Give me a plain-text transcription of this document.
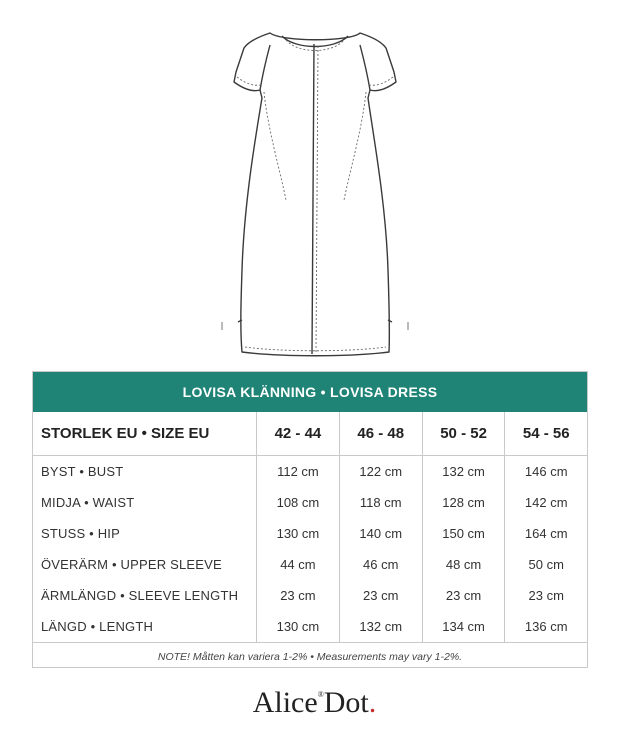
LOVISA KLÄNNING • LOVISA DRESS
STORLEK EU • SIZE EU	42 - 44	46 - 48	50 - 52	54 - 56
BYST • BUST	112 cm	122 cm	132 cm	146 cm
MIDJA • WAIST	108 cm	118 cm	128 cm	142 cm
STUSS • HIP	130 cm	140 cm	150 cm	164 cm
ÖVERÄRM • UPPER SLEEVE	44 cm	46 cm	48 cm	50 cm
ÄRMLÄNGD • SLEEVE LENGTH	23 cm	23 cm	23 cm	23 cm
LÄNGD • LENGTH	130 cm	132 cm	134 cm	136 cm
NOTE! Måtten kan variera 1-2% • Measurements may vary 1-2%.
Alice®Dot.
